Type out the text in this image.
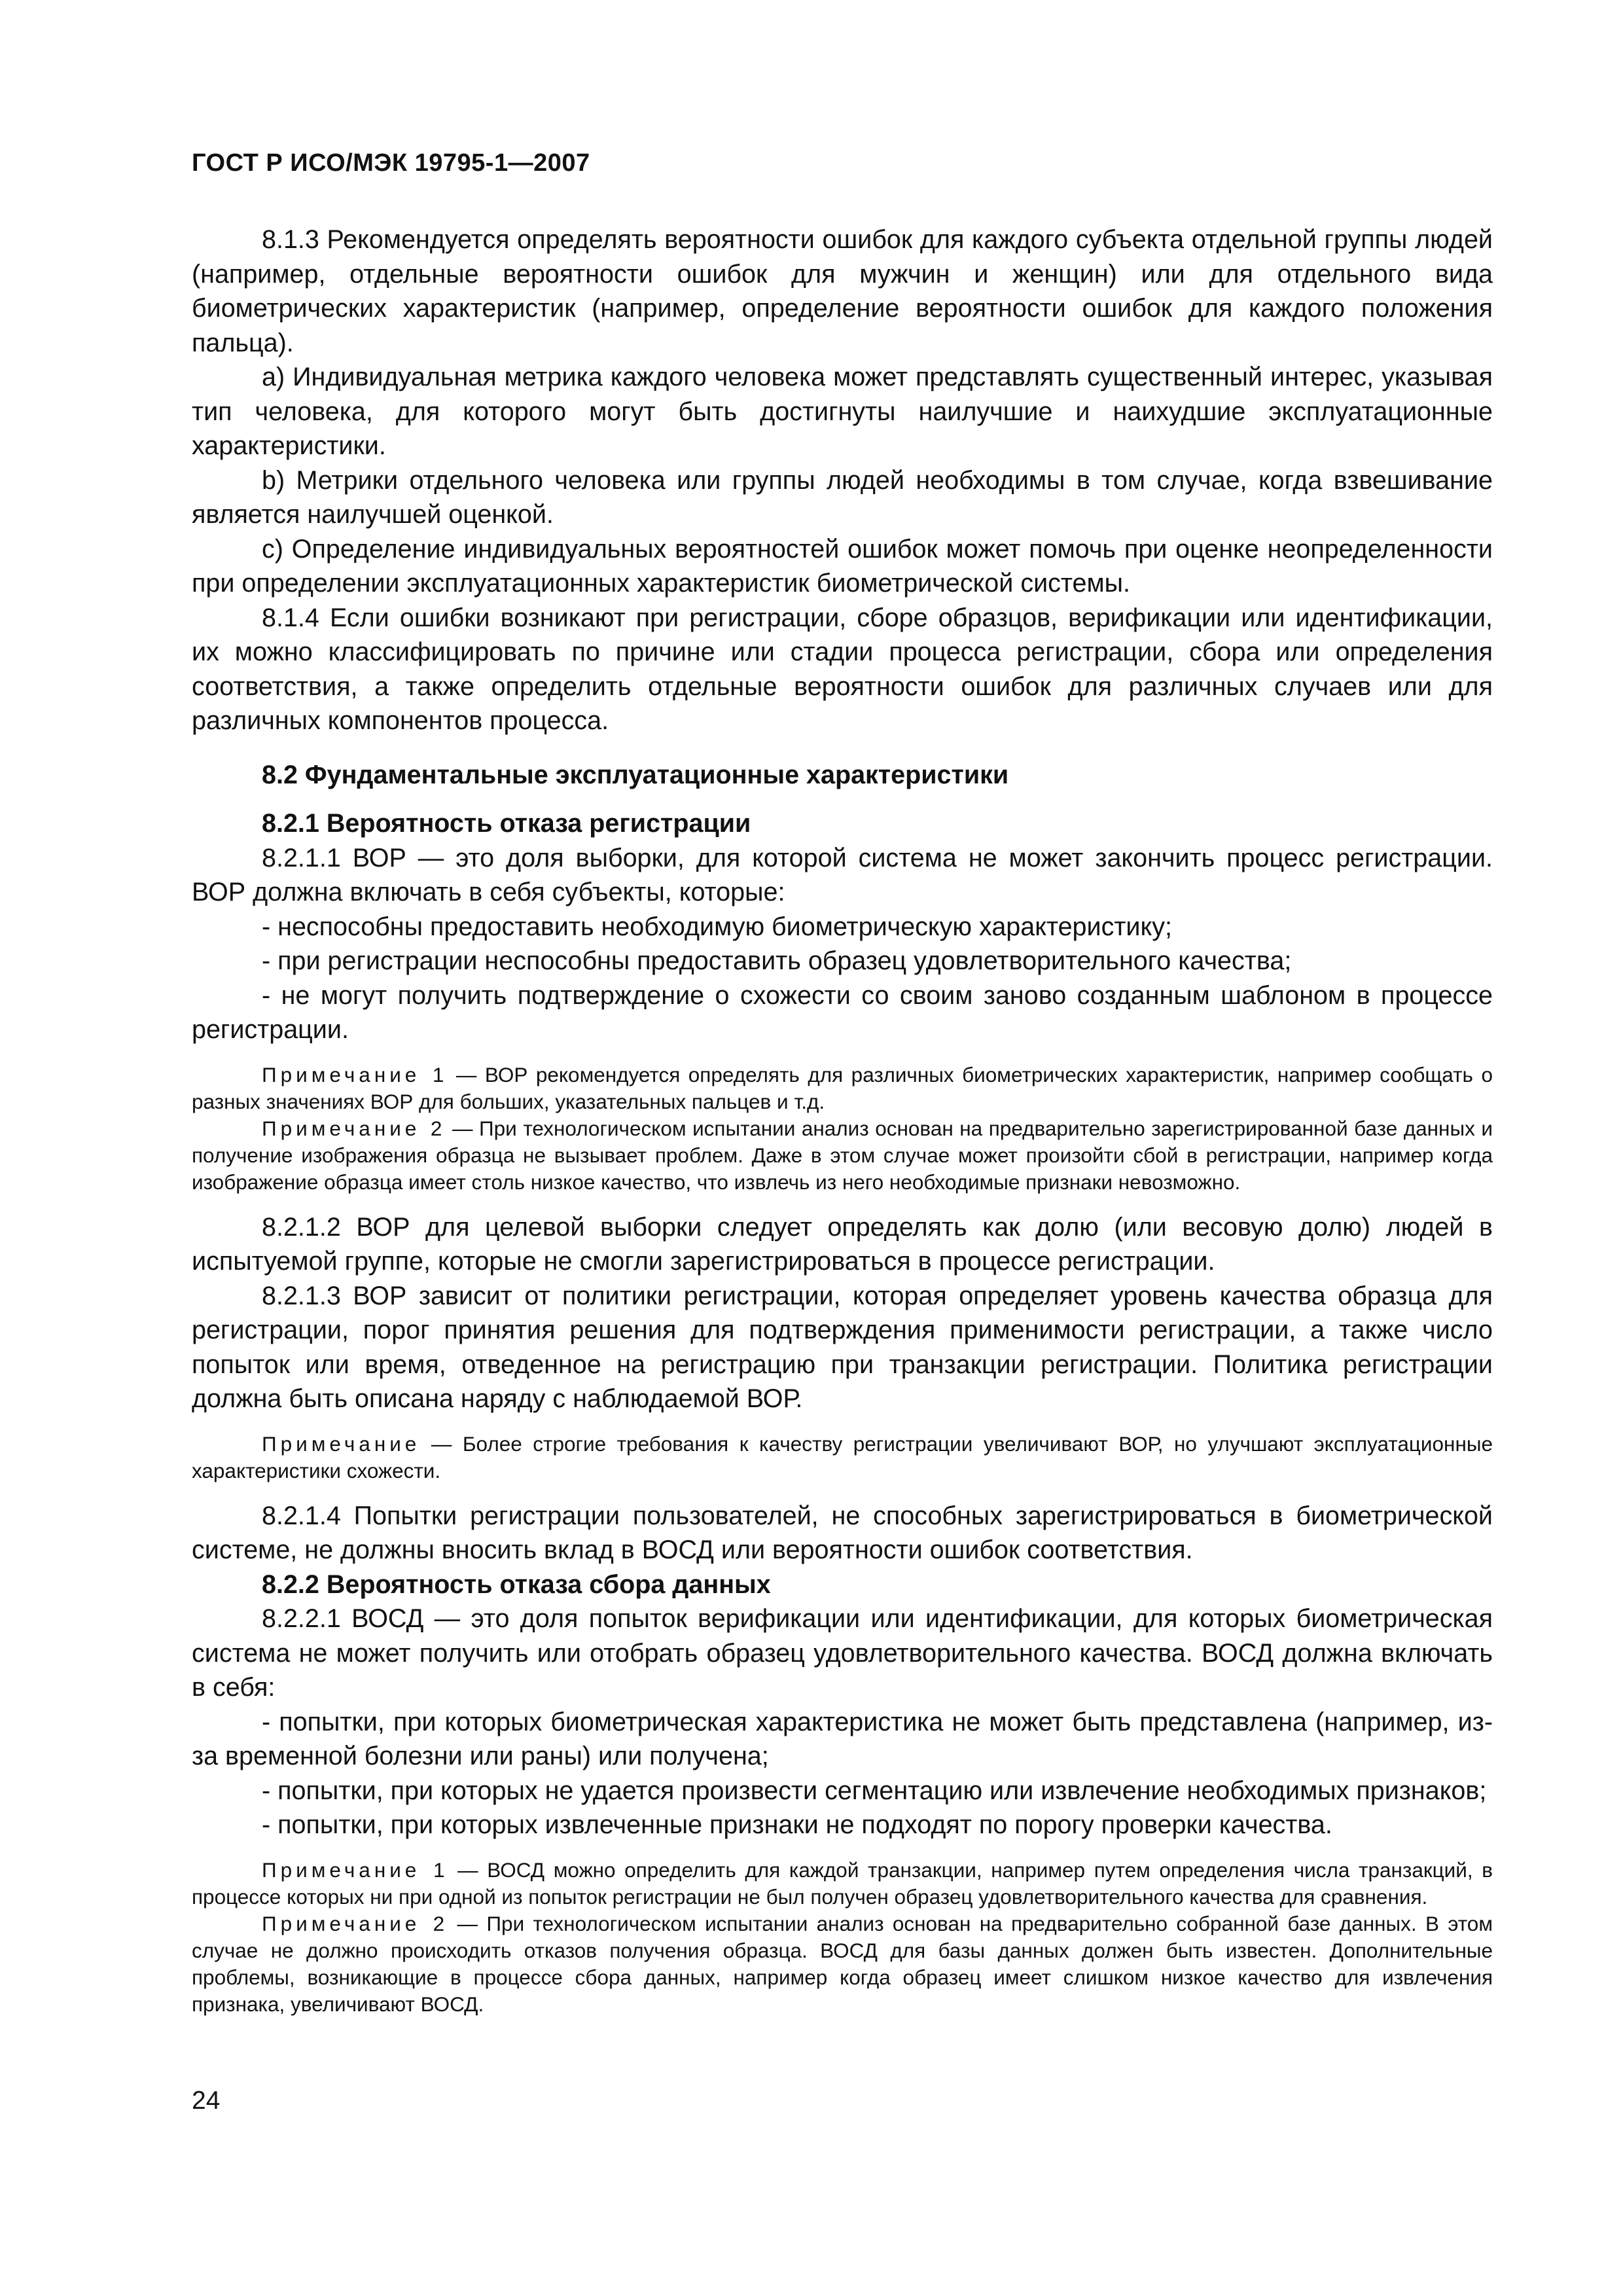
ГОСТ Р ИСО/МЭК 19795-1—2007

8.1.3 Рекомендуется определять вероятности ошибок для каждого субъекта отдельной группы людей (например, отдельные вероятности ошибок для мужчин и женщин) или для отдельного вида биометрических характеристик (например, определение вероятности ошибок для каждого положения пальца).

a) Индивидуальная метрика каждого человека может представлять существенный интерес, указывая тип человека, для которого могут быть достигнуты наилучшие и наихудшие эксплуатационные характеристики.

b) Метрики отдельного человека или группы людей необходимы в том случае, когда взвешивание является наилучшей оценкой.

c) Определение индивидуальных вероятностей ошибок может помочь при оценке неопределенности при определении эксплуатационных характеристик биометрической системы.

8.1.4 Если ошибки возникают при регистрации, сборе образцов, верификации или идентификации, их можно классифицировать по причине или стадии процесса регистрации, сбора или определения соответствия, а также определить отдельные вероятности ошибок для различных случаев или для различных компонентов процесса.

8.2 Фундаментальные эксплуатационные характеристики

8.2.1 Вероятность отказа регистрации

8.2.1.1 ВОР — это доля выборки, для которой система не может закончить процесс регистрации. ВОР должна включать в себя субъекты, которые:

- неспособны предоставить необходимую биометрическую характеристику;

- при регистрации неспособны предоставить образец удовлетворительного качества;

- не могут получить подтверждение о схожести со своим заново созданным шаблоном в процессе регистрации.

Примечание 1 — ВОР рекомендуется определять для различных биометрических характеристик, например сообщать о разных значениях ВОР для больших, указательных пальцев и т.д.

Примечание 2 — При технологическом испытании анализ основан на предварительно зарегистрированной базе данных и получение изображения образца не вызывает проблем. Даже в этом случае может произойти сбой в регистрации, например когда изображение образца имеет столь низкое качество, что извлечь из него необходимые признаки невозможно.

8.2.1.2 ВОР для целевой выборки следует определять как долю (или весовую долю) людей в испытуемой группе, которые не смогли зарегистрироваться в процессе регистрации.

8.2.1.3 ВОР зависит от политики регистрации, которая определяет уровень качества образца для регистрации, порог принятия решения для подтверждения применимости регистрации, а также число попыток или время, отведенное на регистрацию при транзакции регистрации. Политика регистрации должна быть описана наряду с наблюдаемой ВОР.

Примечание — Более строгие требования к качеству регистрации увеличивают ВОР, но улучшают эксплуатационные характеристики схожести.

8.2.1.4 Попытки регистрации пользователей, не способных зарегистрироваться в биометрической системе, не должны вносить вклад в ВОСД или вероятности ошибок соответствия.

8.2.2 Вероятность отказа сбора данных

8.2.2.1 ВОСД — это доля попыток верификации или идентификации, для которых биометрическая система не может получить или отобрать образец удовлетворительного качества. ВОСД должна включать в себя:

- попытки, при которых биометрическая характеристика не может быть представлена (например, из-за временной болезни или раны) или получена;

- попытки, при которых не удается произвести сегментацию или извлечение необходимых признаков;

- попытки, при которых извлеченные признаки не подходят по порогу проверки качества.

Примечание 1 — ВОСД можно определить для каждой транзакции, например путем определения числа транзакций, в процессе которых ни при одной из попыток регистрации не был получен образец удовлетворительного качества для сравнения.

Примечание 2 — При технологическом испытании анализ основан на предварительно собранной базе данных. В этом случае не должно происходить отказов получения образца. ВОСД для базы данных должен быть известен. Дополнительные проблемы, возникающие в процессе сбора данных, например когда образец имеет слишком низкое качество для извлечения признака, увеличивают ВОСД.

24
